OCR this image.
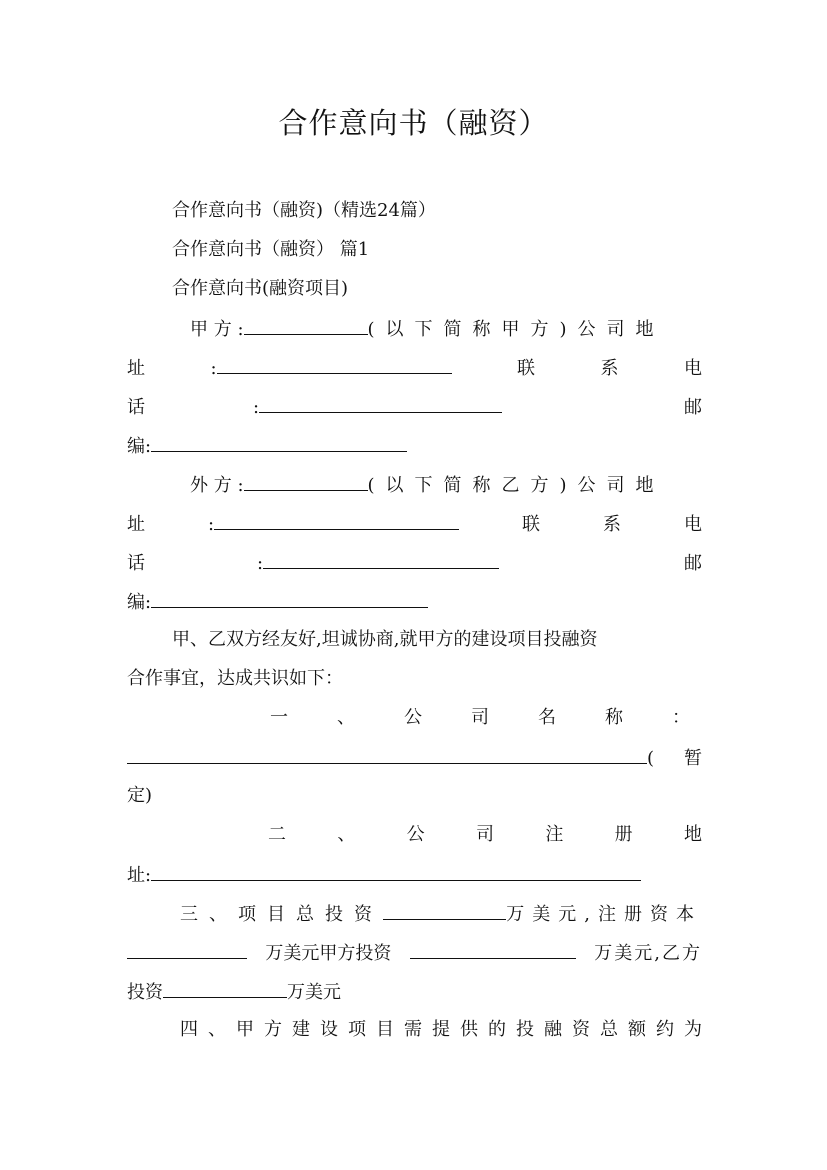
合作意向书（融资）
合作意向书（融资)（精选24篇）
合作意向书（融资） 篇1
合作意向书(融资项目)
甲 方 :	(以下简称甲方)公司地
址	:	联	系	电
话	:	邮
编:
外 方 :	(以下简称乙方)公司地
址	:	联	系	电
话	:	邮
编:
甲、乙双方经友好,坦诚协商,就甲方的建设项目投融资
合作事宜，达成共识如下：
一	、	公	司	名	称	：
( 暂
定)
二	、	公	司	注	册	地
址:
三、项目总投资	万美元,注册资本
万美元甲方投资	万美元,乙方
投资	万美元
四 、 甲 方 建 设 项 目 需 提 供 的 投 融 资 总 额 约 为
